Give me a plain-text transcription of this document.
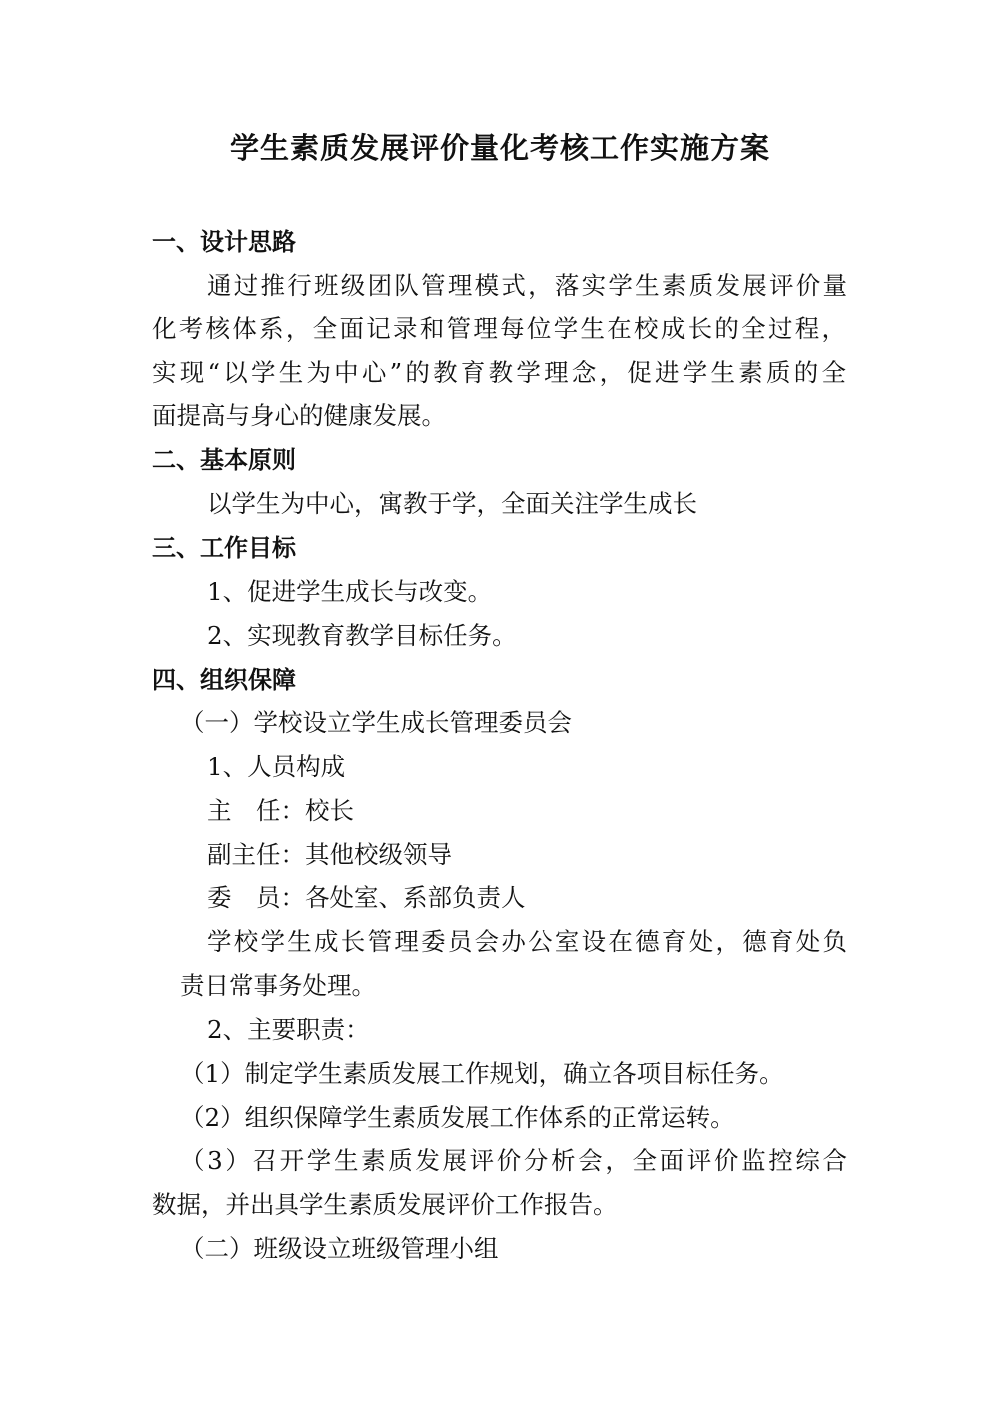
学生素质发展评价量化考核工作实施方案
一、设计思路
通过推行班级团队管理模式，落实学生素质发展评价量
化考核体系，全面记录和管理每位学生在校成长的全过程，
实现“以学生为中心”的教育教学理念，促进学生素质的全
面提高与身心的健康发展。
二、基本原则
以学生为中心，寓教于学，全面关注学生成长
三、工作目标
1、促进学生成长与改变。
2、实现教育教学目标任务。
四、组织保障
（一）学校设立学生成长管理委员会
1、人员构成
主　任：校长
副主任：其他校级领导
委　员：各处室、系部负责人
学校学生成长管理委员会办公室设在德育处，德育处负
责日常事务处理。
2、主要职责：
（1）制定学生素质发展工作规划，确立各项目标任务。
（2）组织保障学生素质发展工作体系的正常运转。
（3）召开学生素质发展评价分析会，全面评价监控综合
数据，并出具学生素质发展评价工作报告。
（二）班级设立班级管理小组
